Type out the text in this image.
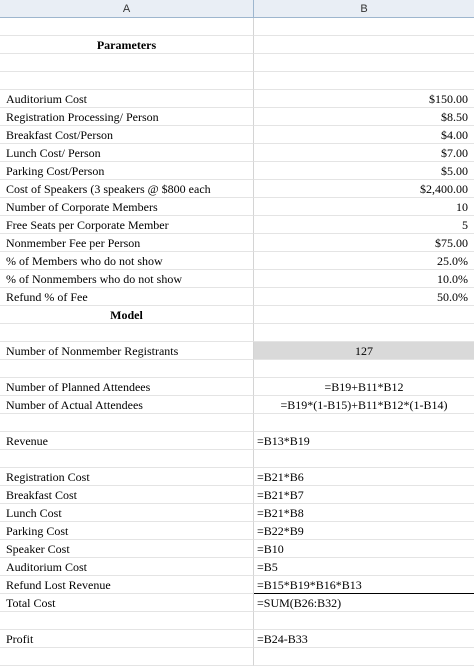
A	B
Parameters
Auditorium Cost	$150.00
Registration Processing/ Person	$8.50
Breakfast Cost/Person	$4.00
Lunch Cost/ Person	$7.00
Parking Cost/Person	$5.00
Cost of Speakers (3 speakers @ $800 each	$2,400.00
Number of Corporate Members	10
Free Seats per Corporate Member	5
Nonmember Fee per Person	$75.00
% of Members who do not show	25.0%
% of Nonmembers who do not show	10.0%
Refund % of Fee	50.0%
Model
Number of Nonmember Registrants	127
Number of Planned Attendees	=B19+B11*B12
Number of Actual Attendees	=B19*(1-B15)+B11*B12*(1-B14)
Revenue	=B13*B19
Registration Cost	=B21*B6
Breakfast Cost	=B21*B7
Lunch Cost	=B21*B8
Parking Cost	=B22*B9
Speaker Cost	=B10
Auditorium Cost	=B5
Refund Lost Revenue	=B15*B19*B16*B13
Total Cost	=SUM(B26:B32)
Profit	=B24-B33
